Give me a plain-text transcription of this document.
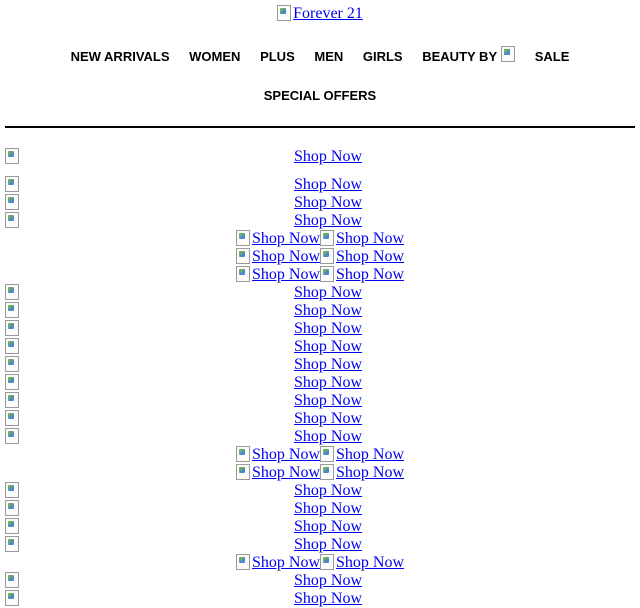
Forever 21
NEW ARRIVALS
WOMEN
PLUS
MEN
GIRLS
BEAUTY BY
	SALE
SPECIAL OFFERS
Shop Now
Shop Now
Shop Now
Shop Now
Shop Now Shop Now
Shop Now Shop Now
Shop Now Shop Now
Shop Now
Shop Now
Shop Now
Shop Now
Shop Now
Shop Now
Shop Now
Shop Now
Shop Now
Shop Now Shop Now
Shop Now Shop Now
Shop Now
Shop Now
Shop Now
Shop Now
Shop Now Shop Now
Shop Now
Shop Now
